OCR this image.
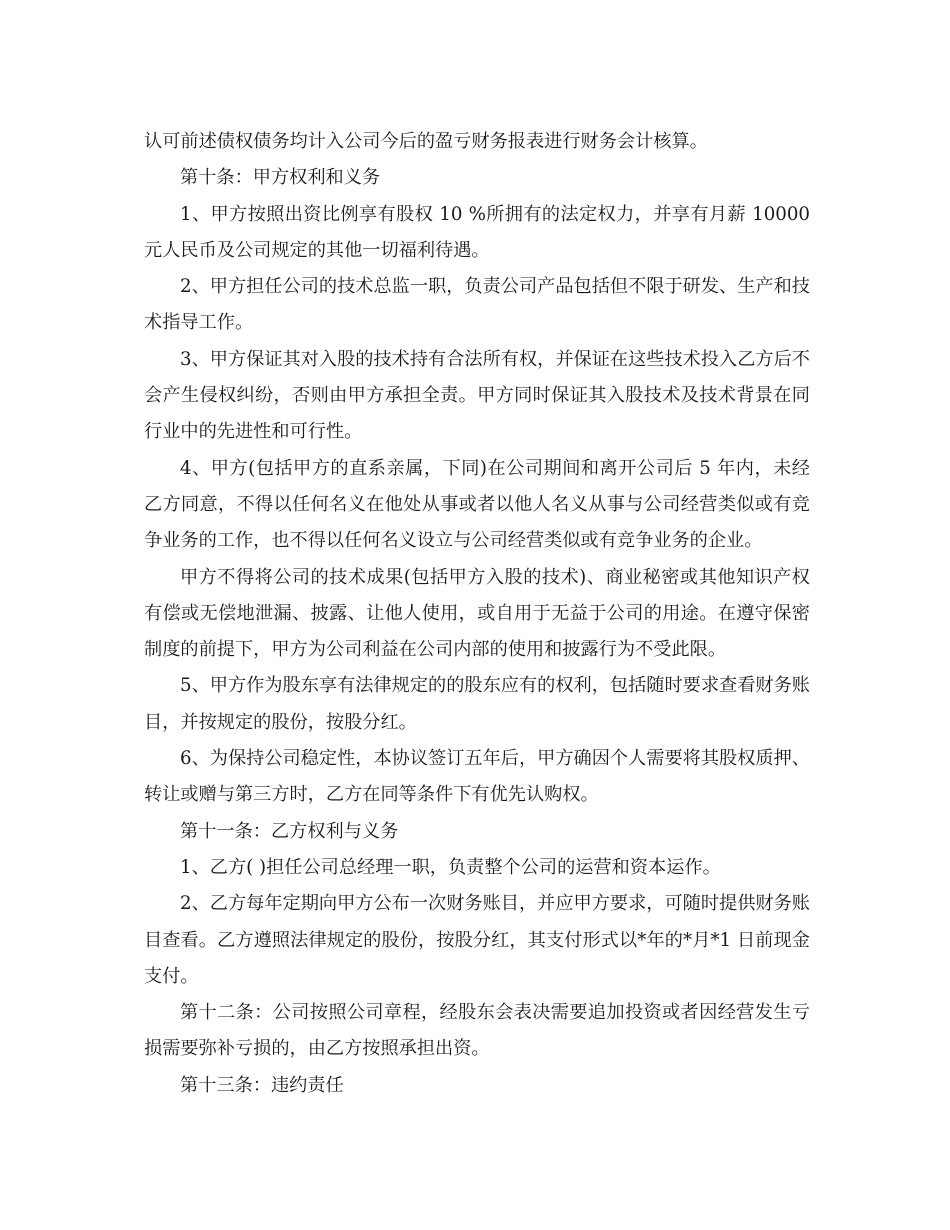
认可前述债权债务均计入公司今后的盈亏财务报表进行财务会计核算。

第十条：甲方权利和义务

1、甲方按照出资比例享有股权 10 %所拥有的法定权力，并享有月薪 10000 元人民币及公司规定的其他一切福利待遇。

2、甲方担任公司的技术总监一职，负责公司产品包括但不限于研发、生产和技术指导工作。

3、甲方保证其对入股的技术持有合法所有权，并保证在这些技术投入乙方后不会产生侵权纠纷，否则由甲方承担全责。甲方同时保证其入股技术及技术背景在同行业中的先进性和可行性。

4、甲方(包括甲方的直系亲属，下同)在公司期间和离开公司后 5 年内，未经乙方同意，不得以任何名义在他处从事或者以他人名义从事与公司经营类似或有竞争业务的工作，也不得以任何名义设立与公司经营类似或有竞争业务的企业。

甲方不得将公司的技术成果(包括甲方入股的技术)、商业秘密或其他知识产权有偿或无偿地泄漏、披露、让他人使用，或自用于无益于公司的用途。在遵守保密制度的前提下，甲方为公司利益在公司内部的使用和披露行为不受此限。

5、甲方作为股东享有法律规定的的股东应有的权利，包括随时要求查看财务账目，并按规定的股份，按股分红。

6、为保持公司稳定性，本协议签订五年后，甲方确因个人需要将其股权质押、转让或赠与第三方时，乙方在同等条件下有优先认购权。

第十一条：乙方权利与义务

1、乙方( )担任公司总经理一职，负责整个公司的运营和资本运作。

2、乙方每年定期向甲方公布一次财务账目，并应甲方要求，可随时提供财务账目查看。乙方遵照法律规定的股份，按股分红，其支付形式以*年的*月*1 日前现金支付。

第十二条：公司按照公司章程，经股东会表决需要追加投资或者因经营发生亏损需要弥补亏损的，由乙方按照承担出资。

第十三条：违约责任
